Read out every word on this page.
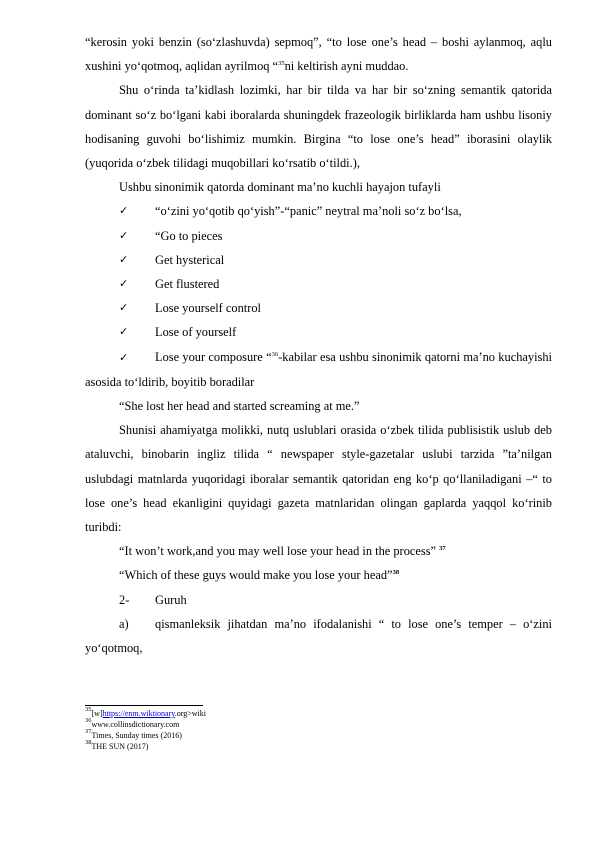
“kerosin yoki benzin (so‘zlashuvda) sepmoq”, “to lose one’s head – boshi aylanmoq, aqlu xushini yo‘qotmoq, aqlidan ayrilmoq “$^{35}$ni keltirish ayni muddao.

Shu o‘rinda ta’kidlash lozimki, har bir tilda va har bir so‘zning semantik qatorida dominant so‘z bo‘lgani kabi iboralarda shuningdek frazeologik birliklarda ham ushbu lisoniy hodisaning guvohi bo‘lishimiz mumkin. Birgina “to lose one’s head” iborasini olaylik (yuqorida o‘zbek tilidagi muqobillari ko‘rsatib o‘tildi.),

Ushbu sinonimik qatorda dominant ma’no kuchli hayajon tufayli

✓	“o‘zini yo‘qotib qo‘yish”-“panic” neytral ma’noli so‘z bo‘lsa,
✓	“Go to pieces
✓	Get hysterical
✓	Get flustered
✓	Lose yourself control
✓	Lose of yourself

✓ Lose your composure “$^{36}$-kabilar esa ushbu sinonimik qatorni ma’no kuchayishi asosida to‘ldirib, boyitib boradilar

“She lost her head and started screaming at me.”

Shunisi ahamiyatga molikki, nutq uslublari orasida o‘zbek tilida publisistik uslub deb ataluvchi, binobarin ingliz tilida “ newspaper style-gazetalar uslubi tarzida ”ta’nilgan uslubdagi matnlarda yuqoridagi iboralar semantik qatoridan eng ko‘p qo‘llaniladigani –“ to lose one’s head ekanligini quyidagi gazeta matnlaridan olingan gaplarda yaqqol ko‘rinib turibdi:

“It won’t work,and you may well lose your head in the process” $^{37}$

“Which of these guys would make you lose your head”$^{38}$

2-	Guruh

a) qismanleksik jihatdan ma’no ifodalanishi “ to lose one’s temper – o‘zini yo‘qotmoq,

$^{35}$[w]https://enm.wiktionary.org>wiki

$^{36}$www.collinsdictionary.com

$^{37}$Times, Sunday times (2016)

$^{38}$THE SUN (2017)
